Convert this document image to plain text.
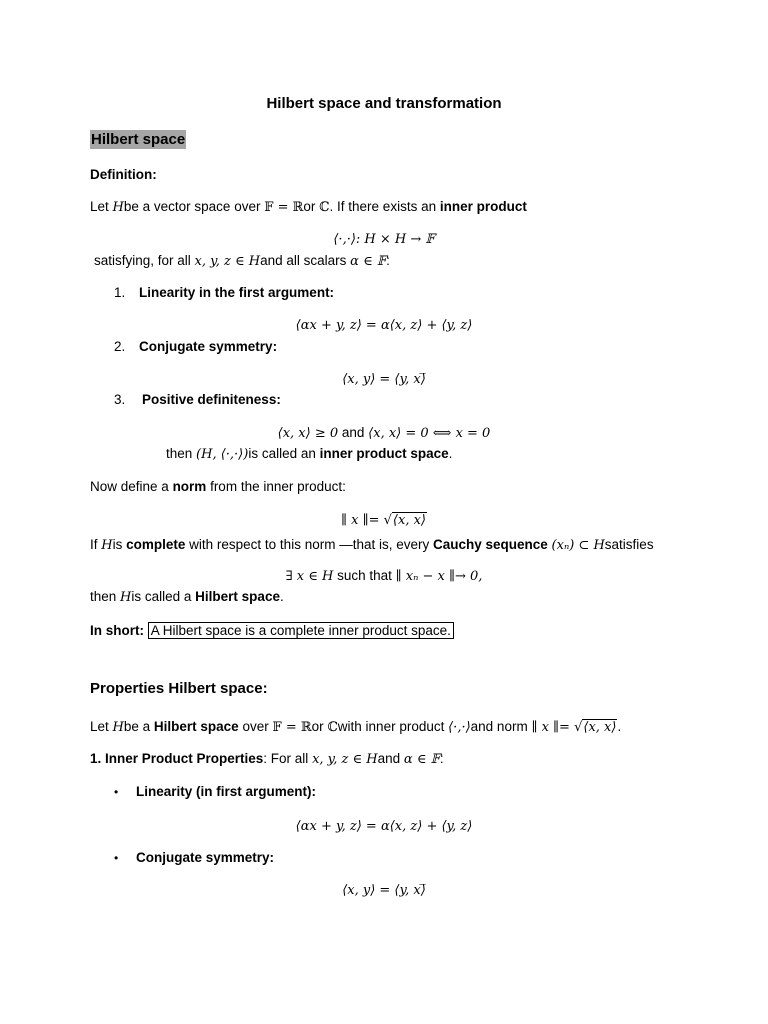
Hilbert space and transformation
Hilbert space
Definition:
Let Hbe a vector space over 𝔽 = ℝor ℂ. If there exists an inner product
⟨·,·⟩: H × H → 𝔽
satisfying, for all x, y, z ∈ Hand all scalars α ∈ 𝔽:
1. Linearity in the first argument:
⟨αx + y, z⟩ = α⟨x, z⟩ + ⟨y, z⟩
2. Conjugate symmetry:
⟨x, y⟩ = ⟨y, x⟩̅
3. Positive definiteness:
⟨x, x⟩ ≥ 0 and ⟨x, x⟩ = 0 ⟺ x = 0
then (H, ⟨·,·⟩)is called an inner product space.
Now define a norm from the inner product:
∥ x ∥= √⟨x, x⟩
If His complete with respect to this norm —that is, every Cauchy sequence (xₙ) ⊂ Hsatisfies
∃ x ∈ H such that ∥ xₙ − x ∥→ 0,
then His called a Hilbert space.
In short: A Hilbert space is a complete inner product space.
Properties Hilbert space:
Let Hbe a Hilbert space over 𝔽 = ℝor ℂwith inner product ⟨·,·⟩and norm ∥ x ∥= √⟨x, x⟩.
1. Inner Product Properties: For all x, y, z ∈ Hand α ∈ 𝔽:
• Linearity (in first argument):
⟨αx + y, z⟩ = α⟨x, z⟩ + ⟨y, z⟩
• Conjugate symmetry:
⟨x, y⟩ = ⟨y, x⟩̅
